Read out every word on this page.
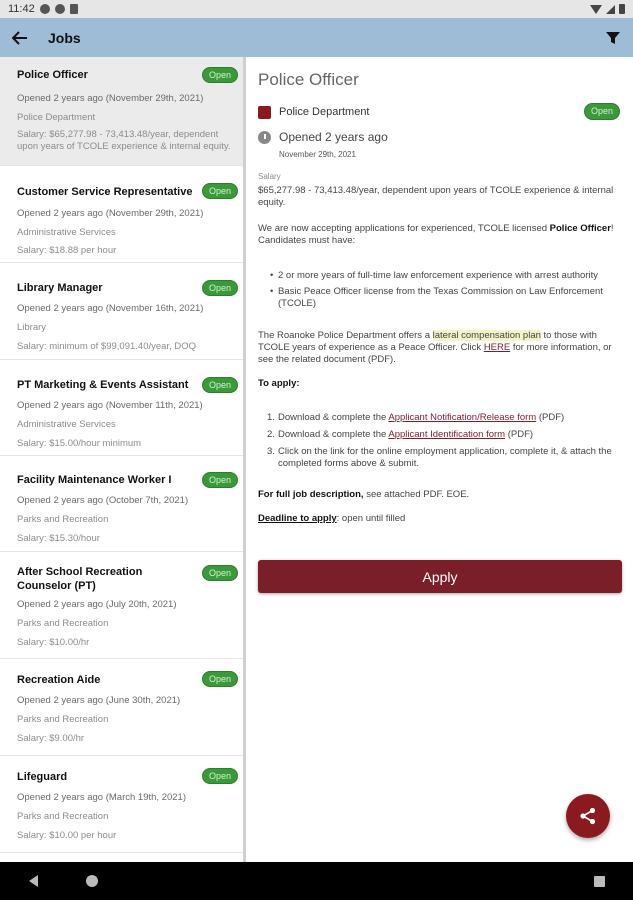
11:42
Jobs
Police Officer	Open
Opened 2 years ago (November 29th, 2021)
Police Department
Salary: $65,277.98 - 73,413.48/year, dependent upon years of TCOLE experience & internal equity.
Customer Service Representative	Open
Opened 2 years ago (November 29th, 2021)
Administrative Services
Salary: $18.88 per hour
Library Manager	Open
Opened 2 years ago (November 16th, 2021)
Library
Salary: minimum of $99,091.40/year, DOQ
PT Marketing & Events Assistant	Open
Opened 2 years ago (November 11th, 2021)
Administrative Services
Salary: $15.00/hour minimum
Facility Maintenance Worker I	Open
Opened 2 years ago (October 7th, 2021)
Parks and Recreation
Salary: $15.30/hour
After School Recreation Counselor (PT)
Open
Opened 2 years ago (July 20th, 2021)
Parks and Recreation
Salary: $10.00/hr
Recreation Aide	Open
Opened 2 years ago (June 30th, 2021)
Parks and Recreation
Salary: $9.00/hr
Lifeguard	Open
Opened 2 years ago (March 19th, 2021)
Parks and Recreation
Salary: $10.00 per hour
Police Officer
Police Department	Open
Opened 2 years ago
November 29th, 2021
Salary
$65,277.98 - 73,413.48/year, dependent upon years of TCOLE experience & internal equity.
We are now accepting applications for experienced, TCOLE licensed Police Officer! Candidates must have:
• 2 or more years of full-time law enforcement experience with arrest authority
• Basic Peace Officer license from the Texas Commission on Law Enforcement (TCOLE)
The Roanoke Police Department offers a lateral compensation plan to those with TCOLE years of experience as a Peace Officer. Click HERE for more information, or see the related document (PDF).
To apply:
1. Download & complete the Applicant Notification/Release form (PDF)
2. Download & complete the Applicant Identification form (PDF)
3. Click on the link for the online employment application, complete it, & attach the completed forms above & submit.
For full job description, see attached PDF. EOE.
Deadline to apply: open until filled
Apply
